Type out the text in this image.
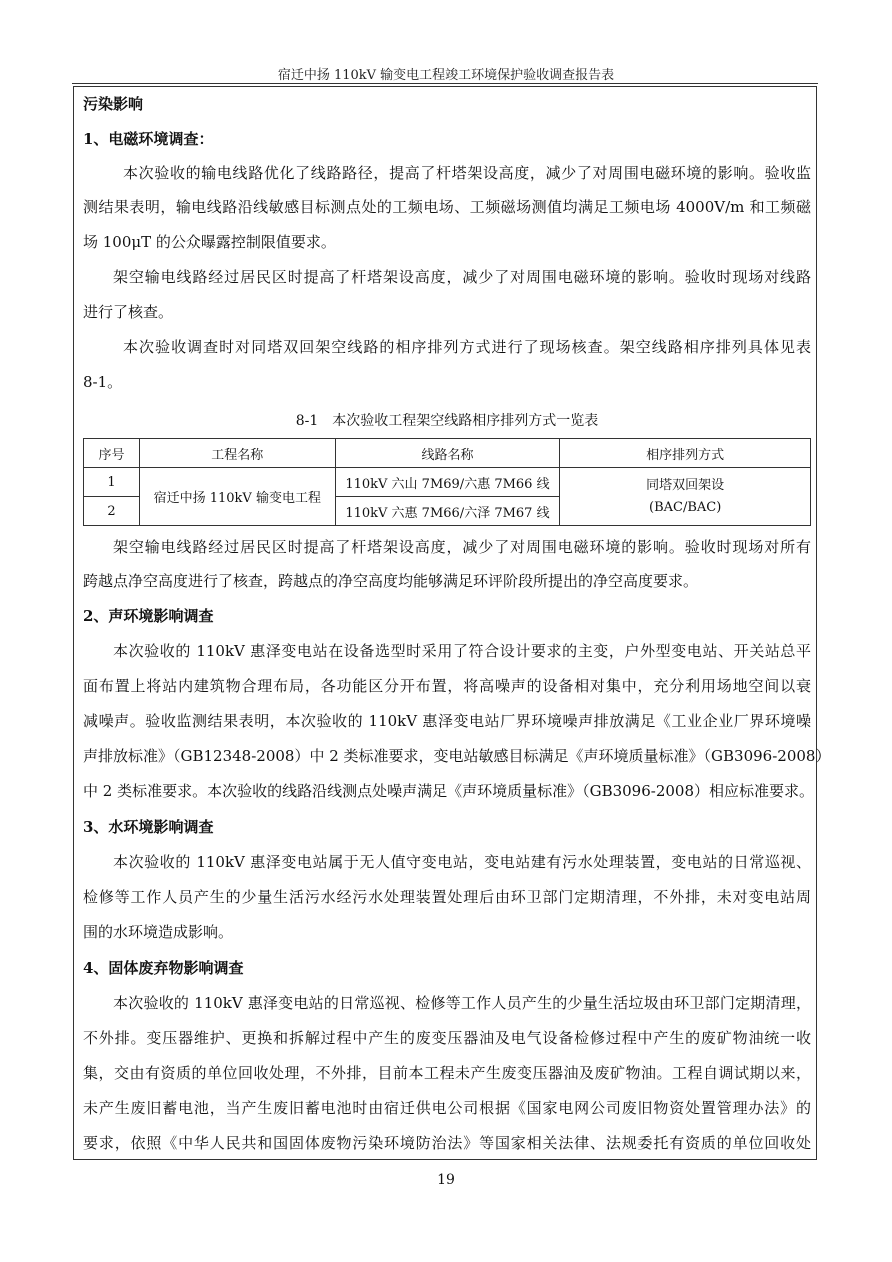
宿迁中扬 110kV 输变电工程竣工环境保护验收调查报告表
污染影响
1、电磁环境调查：
本次验收的输电线路优化了线路路径，提高了杆塔架设高度，减少了对周围电磁环境的影响。验收监
测结果表明，输电线路沿线敏感目标测点处的工频电场、工频磁场测值均满足工频电场 4000V/m 和工频磁
场 100μT 的公众曝露控制限值要求。
架空输电线路经过居民区时提高了杆塔架设高度，减少了对周围电磁环境的影响。验收时现场对线路
进行了核查。
本次验收调查时对同塔双回架空线路的相序排列方式进行了现场核查。架空线路相序排列具体见表
8-1。
8-1　本次验收工程架空线路相序排列方式一览表
序号	工程名称	线路名称	相序排列方式
1	宿迁中扬 110kV 输变电工程	110kV 六山 7M69/六惠 7M66 线	同塔双回架设
(BAC/BAC)

2		110kV 六惠 7M66/六泽 7M67 线	
架空输电线路经过居民区时提高了杆塔架设高度，减少了对周围电磁环境的影响。验收时现场对所有
跨越点净空高度进行了核查，跨越点的净空高度均能够满足环评阶段所提出的净空高度要求。
2、声环境影响调查
本次验收的 110kV 惠泽变电站在设备选型时采用了符合设计要求的主变，户外型变电站、开关站总平
面布置上将站内建筑物合理布局，各功能区分开布置，将高噪声的设备相对集中，充分利用场地空间以衰
减噪声。验收监测结果表明，本次验收的 110kV 惠泽变电站厂界环境噪声排放满足《工业企业厂界环境噪
声排放标准》（GB12348-2008）中 2 类标准要求，变电站敏感目标满足《声环境质量标准》（GB3096-2008）
中 2 类标准要求。本次验收的线路沿线测点处噪声满足《声环境质量标准》（GB3096-2008）相应标准要求。
3、水环境影响调查
本次验收的 110kV 惠泽变电站属于无人值守变电站，变电站建有污水处理装置，变电站的日常巡视、
检修等工作人员产生的少量生活污水经污水处理装置处理后由环卫部门定期清理，不外排，未对变电站周
围的水环境造成影响。
4、固体废弃物影响调查
本次验收的 110kV 惠泽变电站的日常巡视、检修等工作人员产生的少量生活垃圾由环卫部门定期清理，
不外排。变压器维护、更换和拆解过程中产生的废变压器油及电气设备检修过程中产生的废矿物油统一收
集，交由有资质的单位回收处理，不外排，目前本工程未产生废变压器油及废矿物油。工程自调试期以来，
未产生废旧蓄电池，当产生废旧蓄电池时由宿迁供电公司根据《国家电网公司废旧物资处置管理办法》的
要求，依照《中华人民共和国固体废物污染环境防治法》等国家相关法律、法规委托有资质的单位回收处
19
